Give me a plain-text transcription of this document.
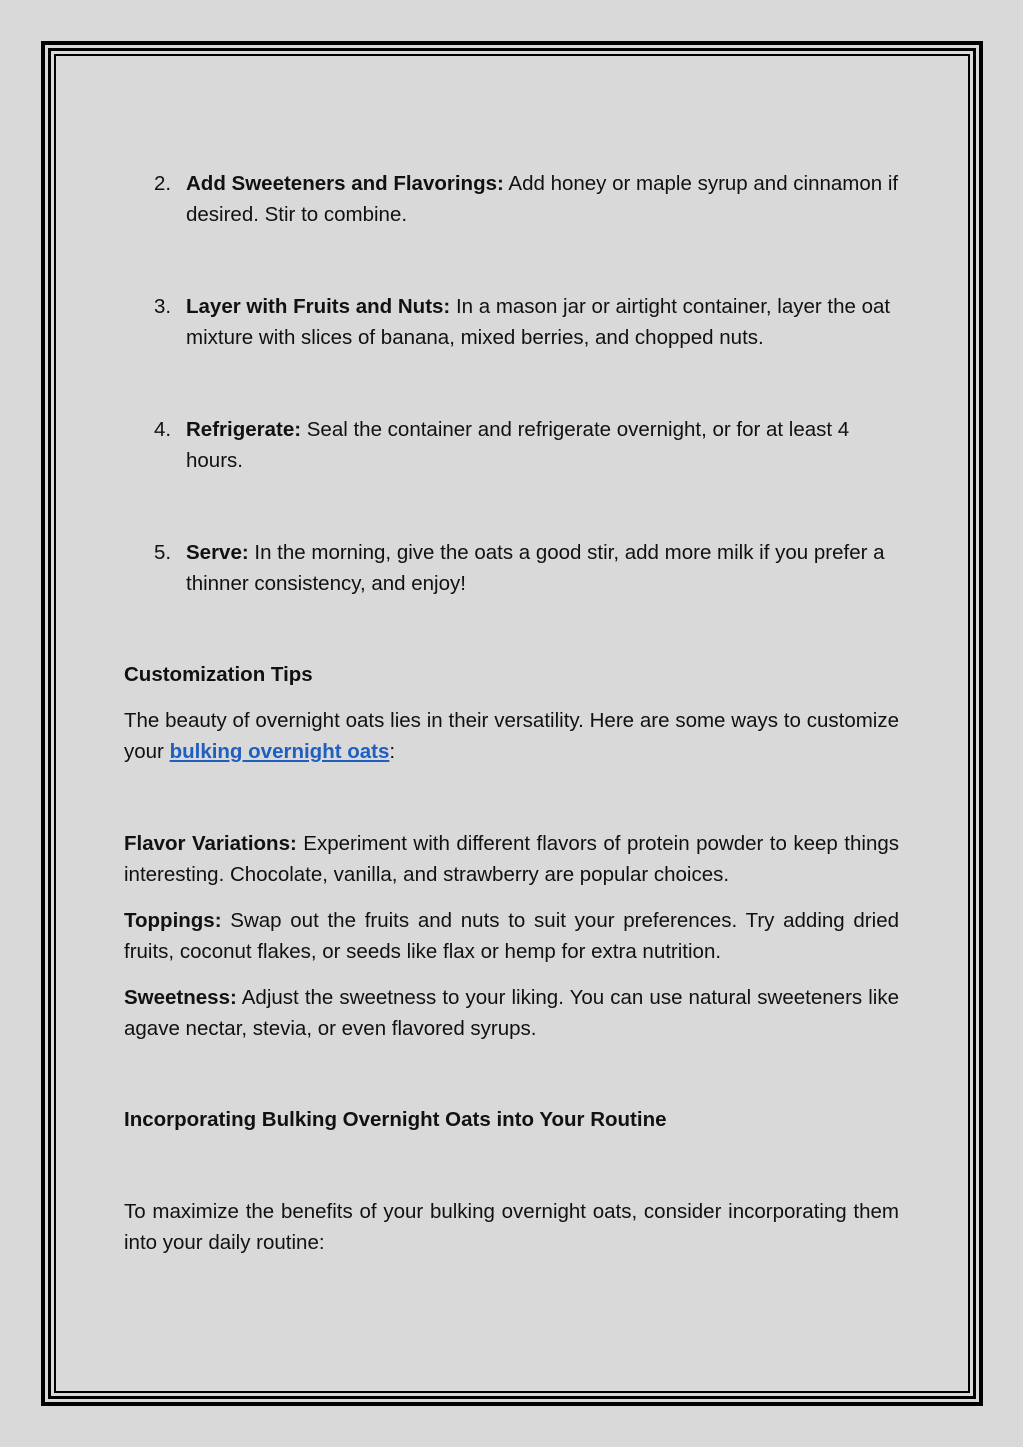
2. Add Sweeteners and Flavorings: Add honey or maple syrup and cinnamon if desired. Stir to combine.

3. Layer with Fruits and Nuts: In a mason jar or airtight container, layer the oat mixture with slices of banana, mixed berries, and chopped nuts.

4. Refrigerate: Seal the container and refrigerate overnight, or for at least 4 hours.

5. Serve: In the morning, give the oats a good stir, add more milk if you prefer a thinner consistency, and enjoy!

Customization Tips

The beauty of overnight oats lies in their versatility. Here are some ways to customize your bulking overnight oats:

Flavor Variations: Experiment with different flavors of protein powder to keep things interesting. Chocolate, vanilla, and strawberry are popular choices.

Toppings: Swap out the fruits and nuts to suit your preferences. Try adding dried fruits, coconut flakes, or seeds like flax or hemp for extra nutrition.

Sweetness: Adjust the sweetness to your liking. You can use natural sweeteners like agave nectar, stevia, or even flavored syrups.

Incorporating Bulking Overnight Oats into Your Routine

To maximize the benefits of your bulking overnight oats, consider incorporating them into your daily routine:
